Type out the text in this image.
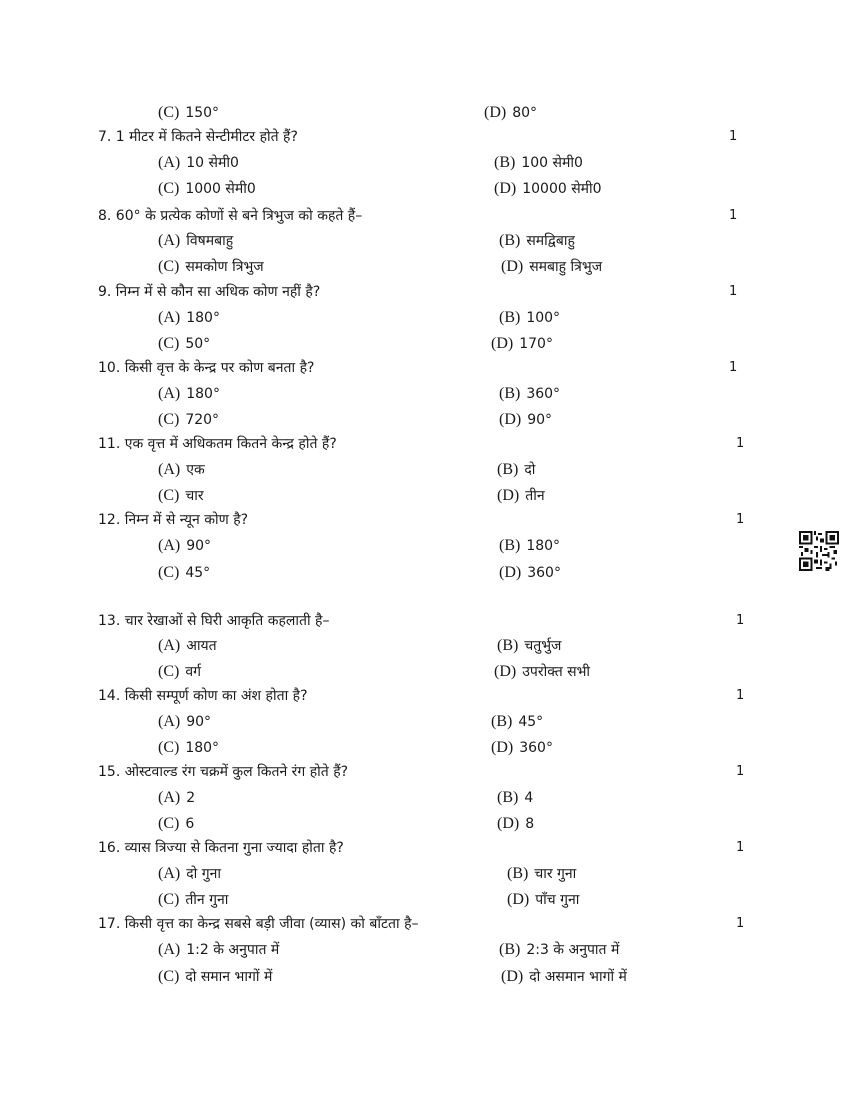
(C) 150°	(D) 80°
7. 1 मीटर में कितने सेन्टीमीटर होते हैं?	1
(A) 10 सेमी0	(B) 100 सेमी0
(C) 1000 सेमी0	(D) 10000 सेमी0
8. 60° के प्रत्येक कोणों से बने त्रिभुज को कहते हैं–	1
(A) विषमबाहु	(B) समद्विबाहु
(C) समकोण त्रिभुज	(D) समबाहु त्रिभुज
9. निम्न में से कौन सा अधिक कोण नहीं है?	1
(A) 180°	(B) 100°
(C) 50°	(D) 170°
10. किसी वृत्त के केन्द्र पर कोण बनता है?	1
(A) 180°	(B) 360°
(C) 720°	(D) 90°
11. एक वृत्त में अधिकतम कितने केन्द्र होते हैं?	1
(A) एक	(B) दो
(C) चार	(D) तीन
12. निम्न में से न्यून कोण है?	1
(A) 90°	(B) 180°
(C) 45°	(D) 360°
13. चार रेखाओं से घिरी आकृति कहलाती है–	1
(A) आयत	(B) चतुर्भुज
(C) वर्ग	(D) उपरोक्त सभी
14. किसी सम्पूर्ण कोण का अंश होता है?	1
(A) 90°	(B) 45°
(C) 180°	(D) 360°
15. ओस्टवाल्ड रंग चक्रमें कुल कितने रंग होते हैं?	1
(A) 2	(B) 4
(C) 6	(D) 8
16. व्यास त्रिज्या से कितना गुना ज्यादा होता है?	1
(A) दो गुना	(B) चार गुना
(C) तीन गुना	(D) पाँच गुना
17. किसी वृत्त का केन्द्र सबसे बड़ी जीवा (व्यास) को बाँटता है–	1
(A) 1:2 के अनुपात में	(B) 2:3 के अनुपात में
(C) दो समान भागों में	(D) दो असमान भागों में
